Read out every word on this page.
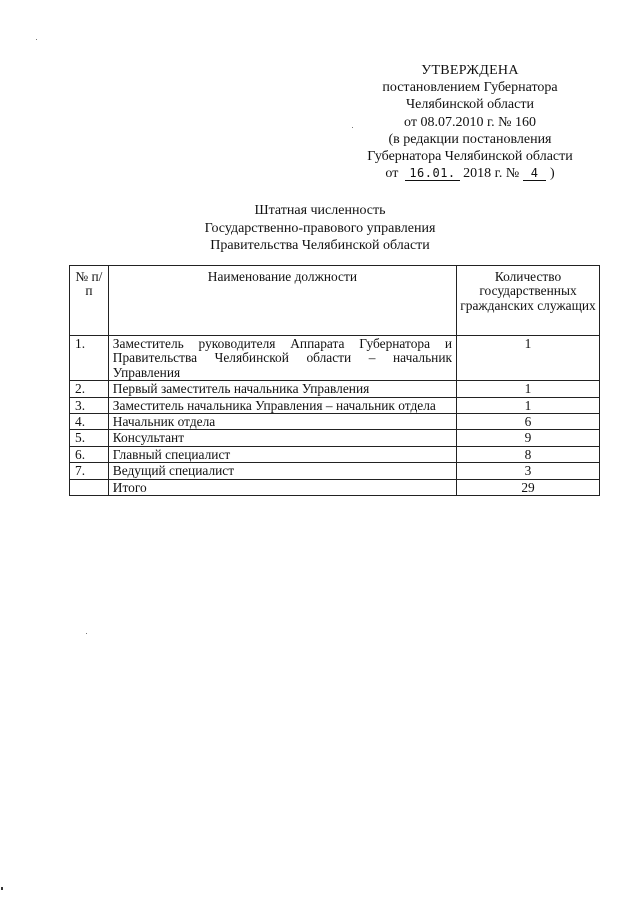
УТВЕРЖДЕНА
постановлением Губернатора
Челябинской области
от 08.07.2010 г. № 160
(в редакции постановления
Губернатора Челябинской области
от 16.01. 2018 г. № 4 )
Штатная численность
Государственно-правового управления
Правительства Челябинской области
№ п/п	Наименование должности	Количество государственных гражданских служащих
1.	Заместитель руководителя Аппарата Губернатора и Правительства Челябинской области – начальник Управления	1
2.	Первый заместитель начальника Управления	1
3.	Заместитель начальника Управления – начальник отдела	1
4.	Начальник отдела	6
5.	Консультант	9
6.	Главный специалист	8
7.	Ведущий специалист	3
	Итого	29
